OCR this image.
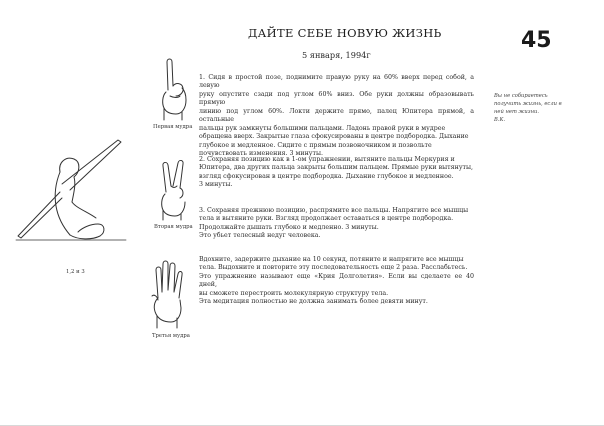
ДАЙТЕ СЕБЕ НОВУЮ ЖИЗНЬ
5 января, 1994г
45
Вы не собираетесь
получить жизнь, если в
ней нет жизни.
В.К.
1,2 и 3
Первая мудра
Вторая мудра
Третья мудра
1. Сидя в простой позе, поднимите правую руку на 60% вверх перед собой, а левую
руку опустите сзади под углом 60% вниз. Обе руки должны образовывать прямую
линию под углом 60%. Локти держите прямо, палец Юпитера прямой, а остальные
пальцы рук замкнуты большими пальцами. Ладонь правой руки в мудрее
обращена вверх. Закрытые глаза сфокусированы в центре подбородка. Дыхание
глубокое и медленное. Сидите с прямым позвоночником и позвольте
почувствовать изменения. 3 минуты.
2. Сохраняя позицию как в 1-ом упражнении, вытяните пальцы Меркурия и
Юпитера, два других пальца закрыты большим пальцем. Прямые руки вытянуты,
взгляд сфокусирован в центре подбородка. Дыхание глубокое и медленное.
3 минуты.
3. Сохраняя прежнюю позицию, распрямите все пальцы. Напрягите все мышцы
тела и вытяните руки. Взгляд продолжает оставаться в центре подбородка.
Продолжайте дышать глубоко и медленно. 3 минуты.
Это убьет телесный недуг человека.
Вдохните, задержите дыхание на 10 секунд, потяните и напрягите все мышцы
тела. Выдохните и повторите эту последовательность еще 2 раза. Расслабьтесь.
Это упражнение называют еще «Крия Долголетия». Если вы сделаете ее 40 дней,
вы сможете перестроить молекулярную структуру тела.
Эта медитация полностью не должна занимать более девяти минут.
